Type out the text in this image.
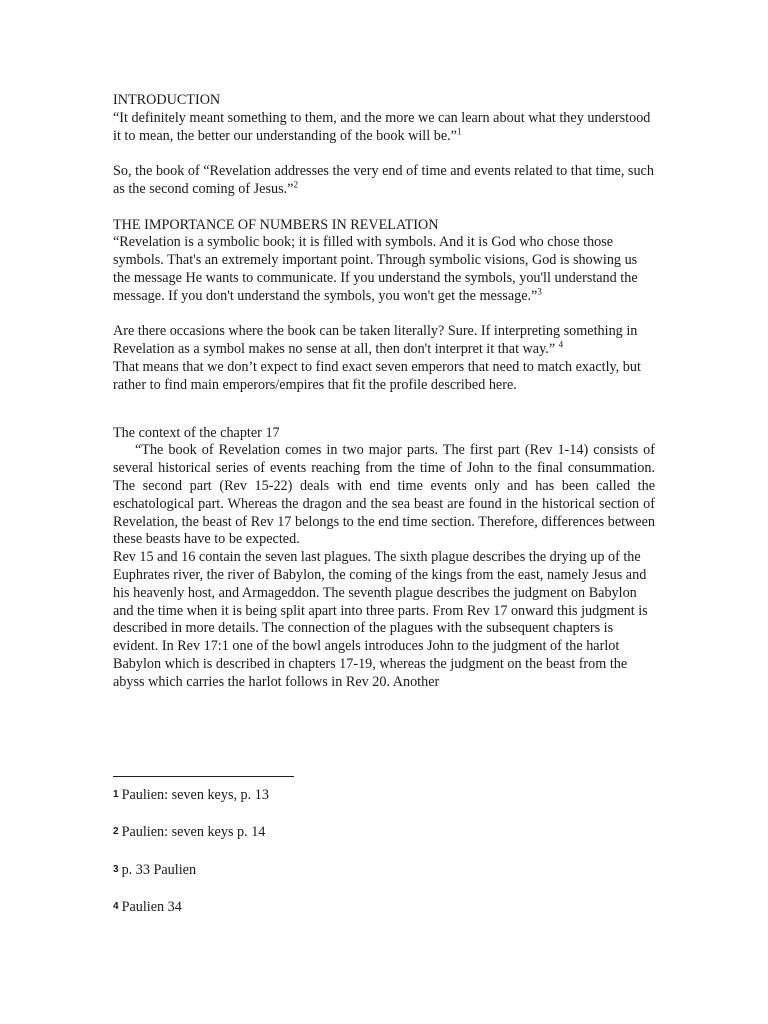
INTRODUCTION

“It definitely meant something to them, and the more we can learn about what they understood it to mean, the better our understanding of the book will be.”$^1$

So, the book of “Revelation addresses the very end of time and events related to that time, such as the second coming of Jesus.”$^2$

THE IMPORTANCE OF NUMBERS IN REVELATION

“Revelation is a symbolic book; it is filled with symbols. And it is God who chose those symbols. That's an extremely important point. Through symbolic visions, God is showing us the message He wants to communicate. If you understand the symbols, you'll understand the message. If you don't understand the symbols, you won't get the message.”$^3$

Are there occasions where the book can be taken literally? Sure. If interpreting something in Revelation as a symbol makes no sense at all, then don't interpret it that way.” $^4$

That means that we don’t expect to find exact seven emperors that need to match exactly, but rather to find main emperors/empires that fit the profile described here.

The context of the chapter 17

“The book of Revelation comes in two major parts. The first part (Rev 1-14) consists of several historical series of events reaching from the time of John to the final consummation. The second part (Rev 15-22) deals with end time events only and has been called the eschatological part. Whereas the dragon and the sea beast are found in the historical section of Revelation, the beast of Rev 17 belongs to the end time section. Therefore, differences between these beasts have to be expected.

Rev 15 and 16 contain the seven last plagues. The sixth plague describes the drying up of the Euphrates river, the river of Babylon, the coming of the kings from the east, namely Jesus and his heavenly host, and Armageddon. The seventh plague describes the judgment on Babylon and the time when it is being split apart into three parts. From Rev 17 onward this judgment is described in more details. The connection of the plagues with the subsequent chapters is evident. In Rev 17:1 one of the bowl angels introduces John to the judgment of the harlot Babylon which is described in chapters 17-19, whereas the judgment on the beast from the abyss which carries the harlot follows in Rev 20. Another

1 Paulien: seven keys, p. 13

2 Paulien: seven keys p. 14

3 p. 33 Paulien

4 Paulien 34
